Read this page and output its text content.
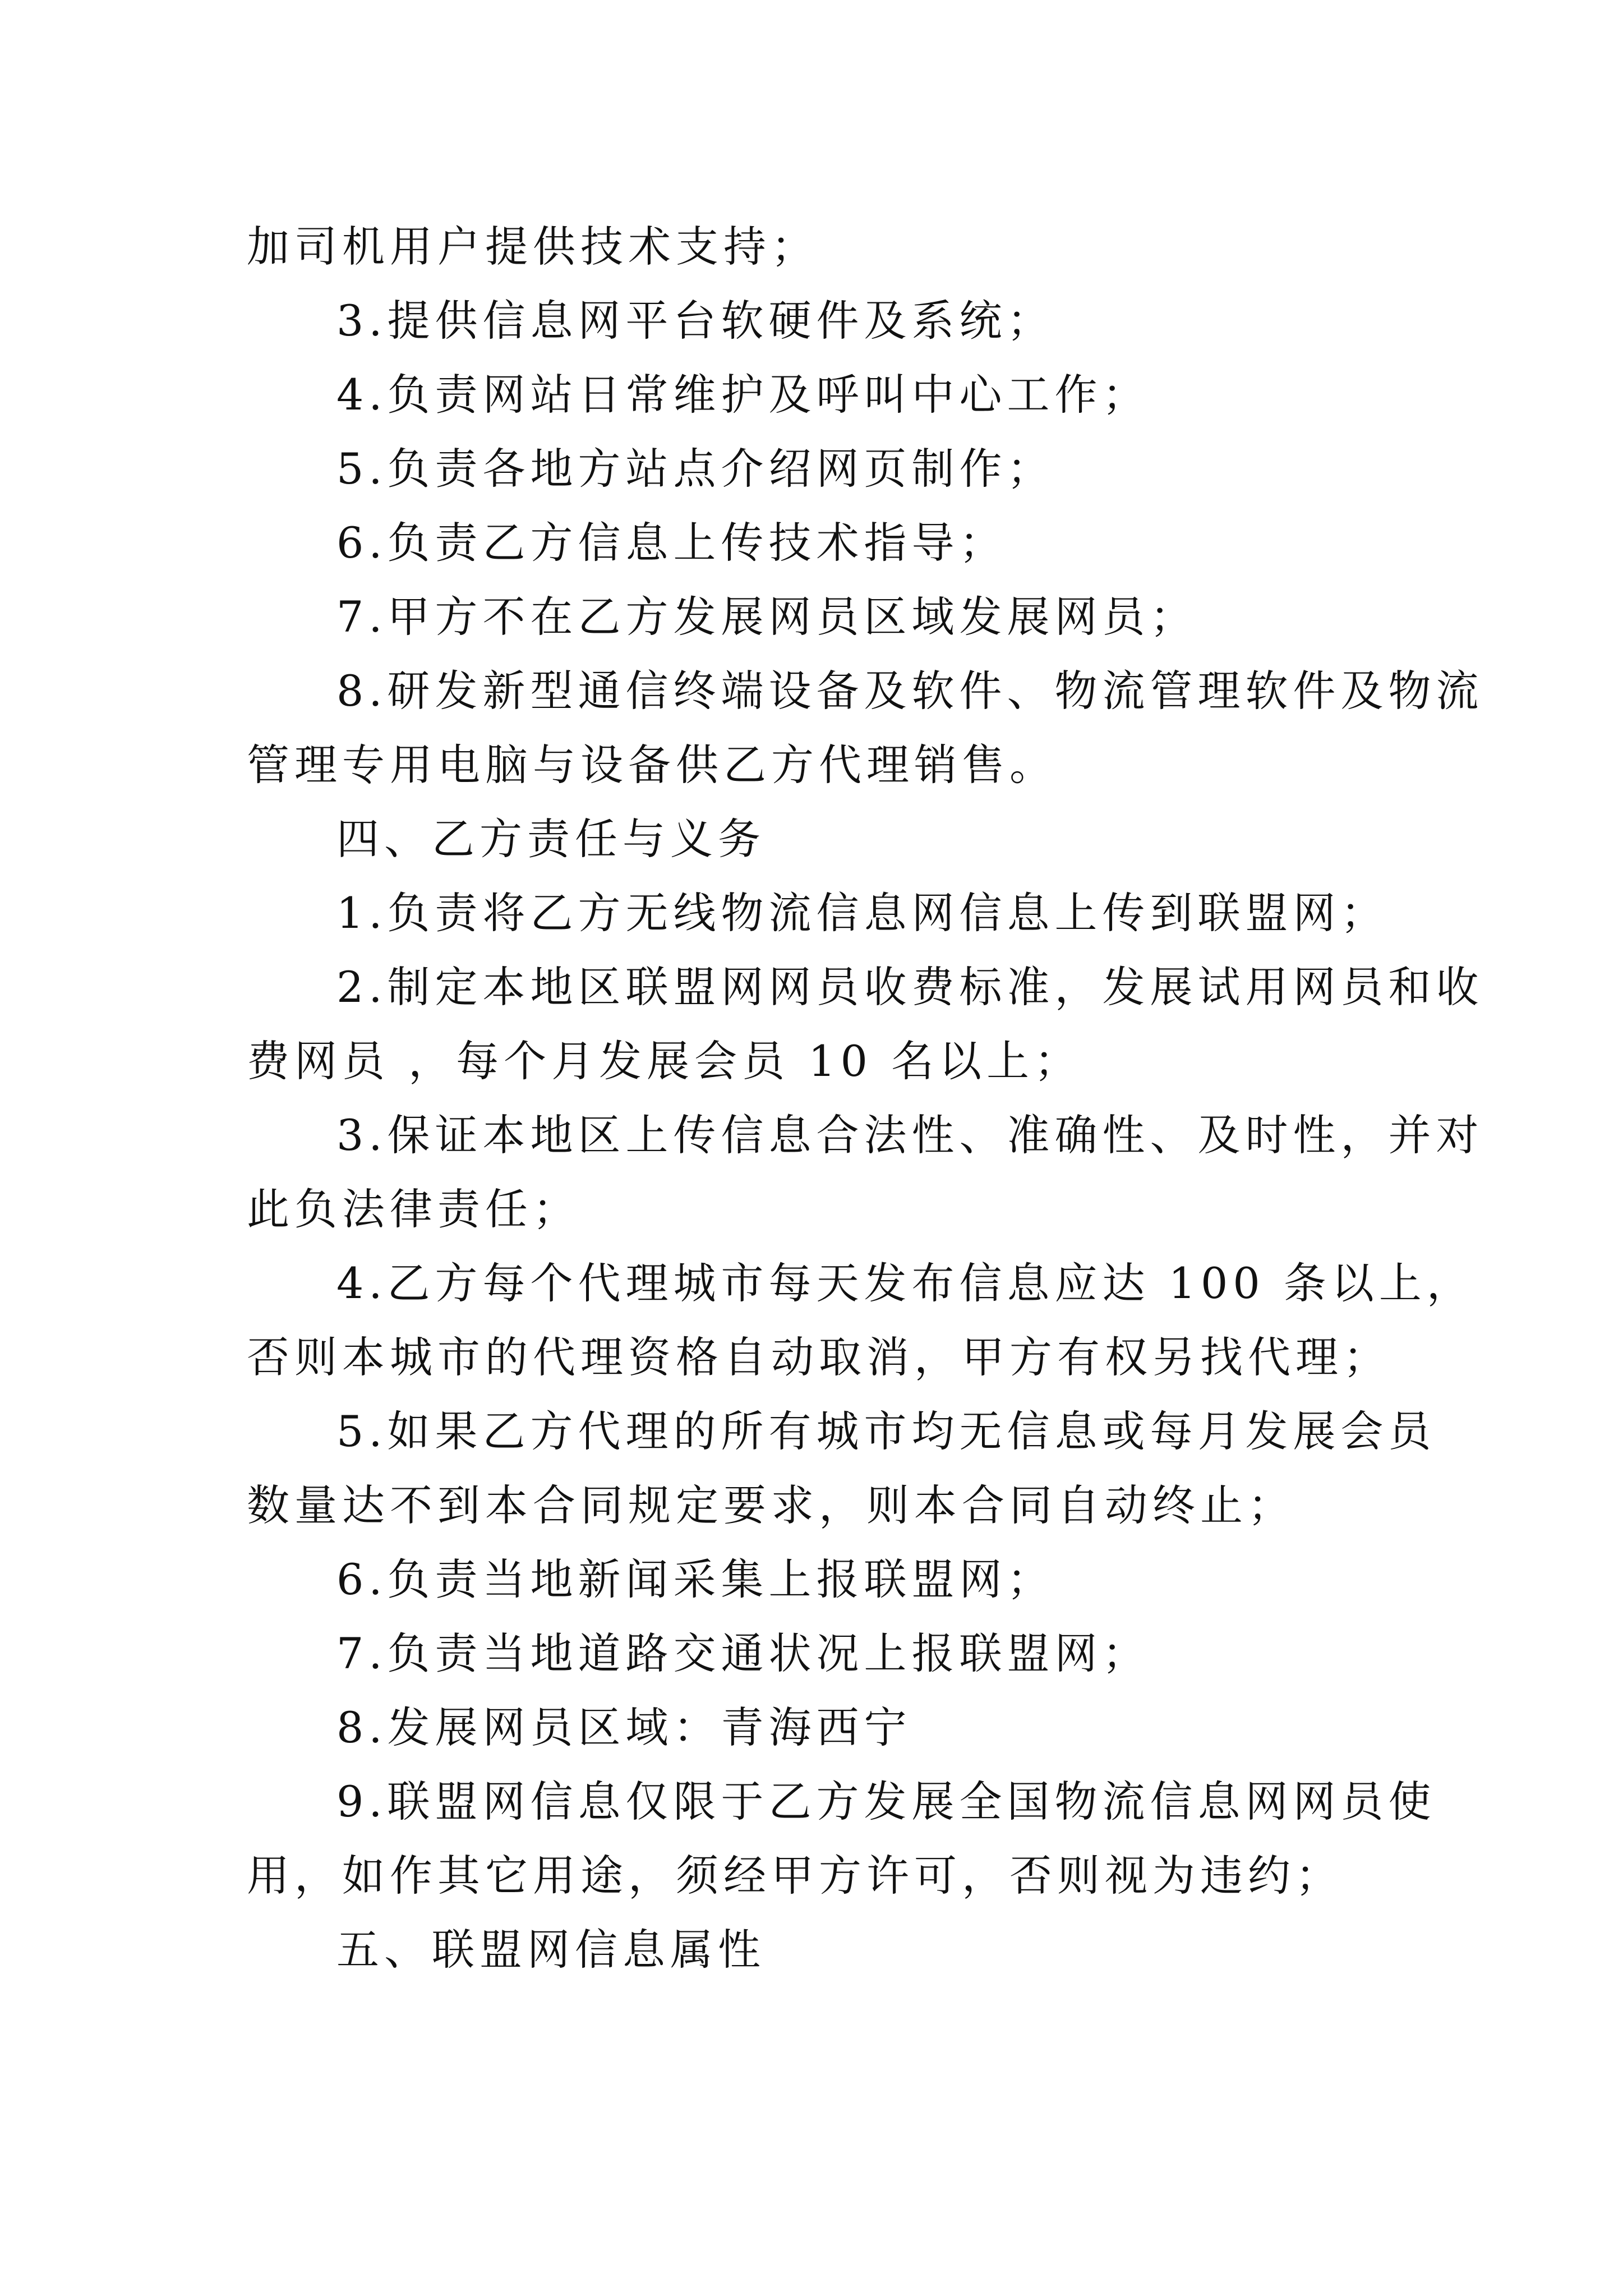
加司机用户提供技术支持；
3.提供信息网平台软硬件及系统；
4.负责网站日常维护及呼叫中心工作；
5.负责各地方站点介绍网页制作；
6.负责乙方信息上传技术指导；
7.甲方不在乙方发展网员区域发展网员；
8.研发新型通信终端设备及软件、物流管理软件及物流
管理专用电脑与设备供乙方代理销售。
四、乙方责任与义务
1.负责将乙方无线物流信息网信息上传到联盟网；
2.制定本地区联盟网网员收费标准，发展试用网员和收
费网员 ，每个月发展会员 10 名以上；
3.保证本地区上传信息合法性、准确性、及时性，并对
此负法律责任；
4.乙方每个代理城市每天发布信息应达 100 条以上，
否则本城市的代理资格自动取消，甲方有权另找代理；
5.如果乙方代理的所有城市均无信息或每月发展会员
数量达不到本合同规定要求，则本合同自动终止；
6.负责当地新闻采集上报联盟网；
7.负责当地道路交通状况上报联盟网；
8.发展网员区域：青海西宁
9.联盟网信息仅限于乙方发展全国物流信息网网员使
用，如作其它用途，须经甲方许可，否则视为违约；
五、联盟网信息属性
